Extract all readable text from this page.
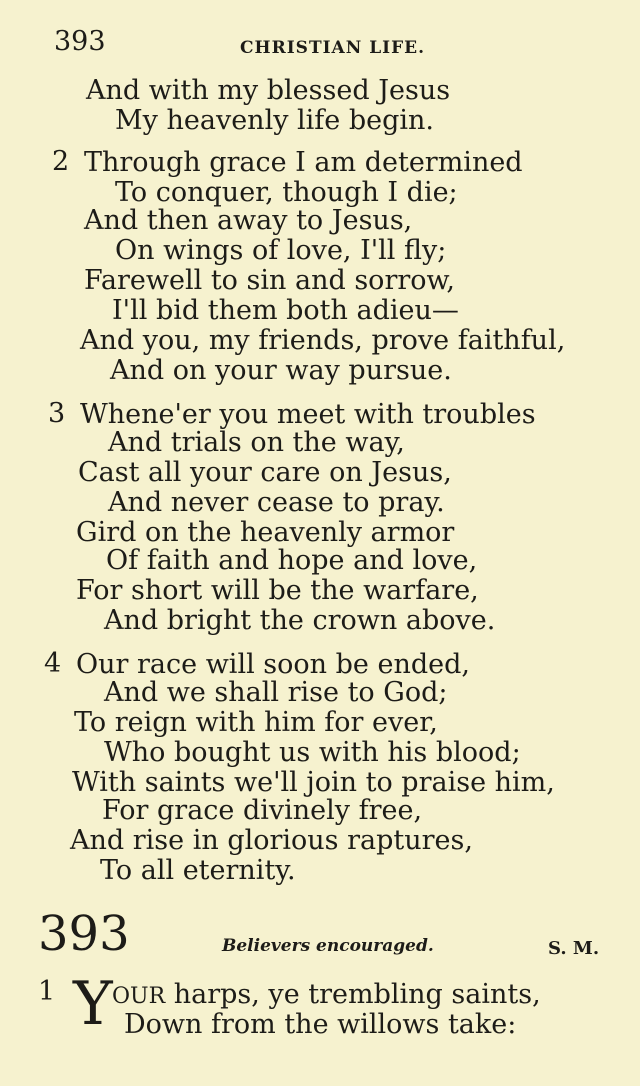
393	CHRISTIAN LIFE.
And with my blessed Jesus
My heavenly life begin.
2 Through grace I am determined
To conquer, though I die;
And then away to Jesus,
On wings of love, I'll fly;
Farewell to sin and sorrow,
I'll bid them both adieu—
And you, my friends, prove faithful,
And on your way pursue.
3 Whene'er you meet with troubles
And trials on the way,
Cast all your care on Jesus,
And never cease to pray.
Gird on the heavenly armor
Of faith and hope and love,
For short will be the warfare,
And bright the crown above.
4 Our race will soon be ended,
And we shall rise to God;
To reign with him for ever,
Who bought us with his blood;
With saints we'll join to praise him,
For grace divinely free,
And rise in glorious raptures,
To all eternity.
393	Believers encouraged.	S. M.
1 Y OUR harps, ye trembling saints,
Down from the willows take:
